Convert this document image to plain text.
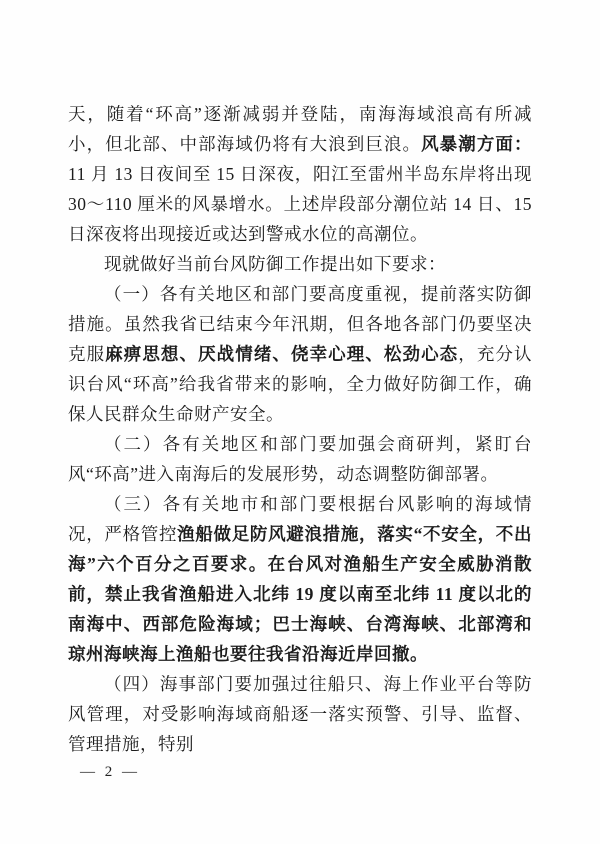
天，随着“环高”逐渐减弱并登陆，南海海域浪高有所减小，但北部、中部海域仍将有大浪到巨浪。风暴潮方面：11 月 13 日夜间至 15 日深夜，阳江至雷州半岛东岸将出现 30～110 厘米的风暴增水。上述岸段部分潮位站 14 日、15 日深夜将出现接近或达到警戒水位的高潮位。

现就做好当前台风防御工作提出如下要求：

（一）各有关地区和部门要高度重视，提前落实防御措施。虽然我省已结束今年汛期，但各地各部门仍要坚决克服麻痹思想、厌战情绪、侥幸心理、松劲心态，充分认识台风“环高”给我省带来的影响，全力做好防御工作，确保人民群众生命财产安全。

（二）各有关地区和部门要加强会商研判，紧盯台风“环高”进入南海后的发展形势，动态调整防御部署。

（三）各有关地市和部门要根据台风影响的海域情况，严格管控渔船做足防风避浪措施，落实“不安全，不出海”六个百分之百要求。在台风对渔船生产安全威胁消散前，禁止我省渔船进入北纬 19 度以南至北纬 11 度以北的南海中、西部危险海域；巴士海峡、台湾海峡、北部湾和琼州海峡海上渔船也要往我省沿海近岸回撤。

（四）海事部门要加强过往船只、海上作业平台等防风管理，对受影响海域商船逐一落实预警、引导、监督、管理措施，特别

— 2 —
